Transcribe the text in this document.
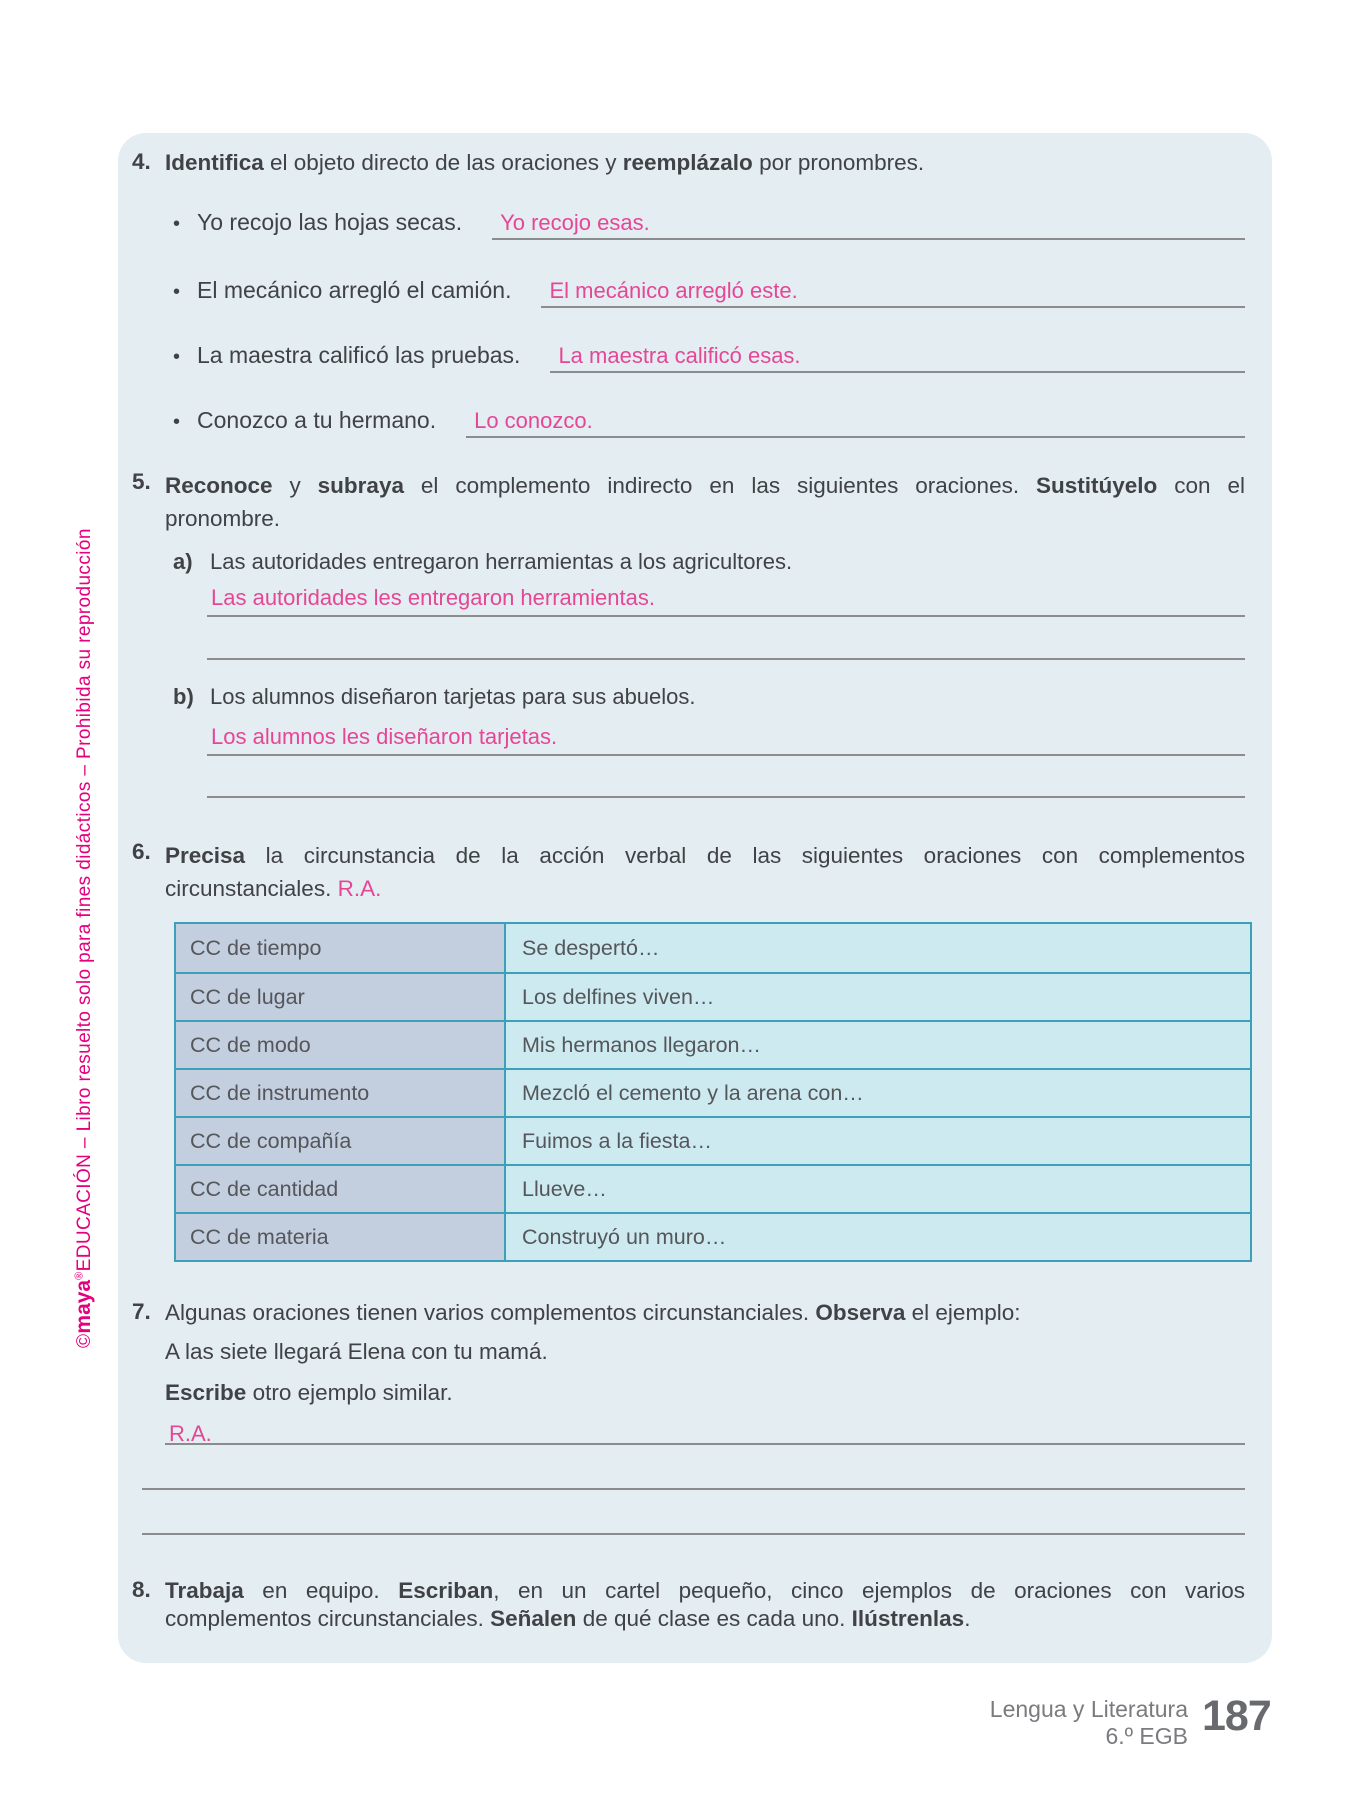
©maya®EDUCACIÓN – Libro resuelto solo para fines didácticos – Prohibida su reproducción
4. Identifica el objeto directo de las oraciones y reemplázalo por pronombres.
• Yo recojo las hojas secas.	Yo recojo esas.
• El mecánico arregló el camión.	El mecánico arregló este.
• La maestra calificó las pruebas.	La maestra calificó esas.
• Conozco a tu hermano.	Lo conozco.
5. Reconoce y subraya el complemento indirecto en las siguientes oraciones. Sustitúyelo con el
pronombre.
a) Las autoridades entregaron herramientas a los agricultores.
Las autoridades les entregaron herramientas.
b) Los alumnos diseñaron tarjetas para sus abuelos.
Los alumnos les diseñaron tarjetas.
6. Precisa la circunstancia de la acción verbal de las siguientes oraciones con complementos
circunstanciales. R.A.
CC de tiempo	Se despertó…
CC de lugar	Los delfines viven…
CC de modo	Mis hermanos llegaron…
CC de instrumento	Mezcló el cemento y la arena con…
CC de compañía	Fuimos a la fiesta…
CC de cantidad	Llueve…
CC de materia	Construyó un muro…
7. Algunas oraciones tienen varios complementos circunstanciales. Observa el ejemplo:
A las siete llegará Elena con tu mamá.
Escribe otro ejemplo similar.
R.A.
8. Trabaja en equipo. Escriban, en un cartel pequeño, cinco ejemplos de oraciones con varios
complementos circunstanciales. Señalen de qué clase es cada uno. Ilústrenlas.
Lengua y Literatura
6.º EGB 187
